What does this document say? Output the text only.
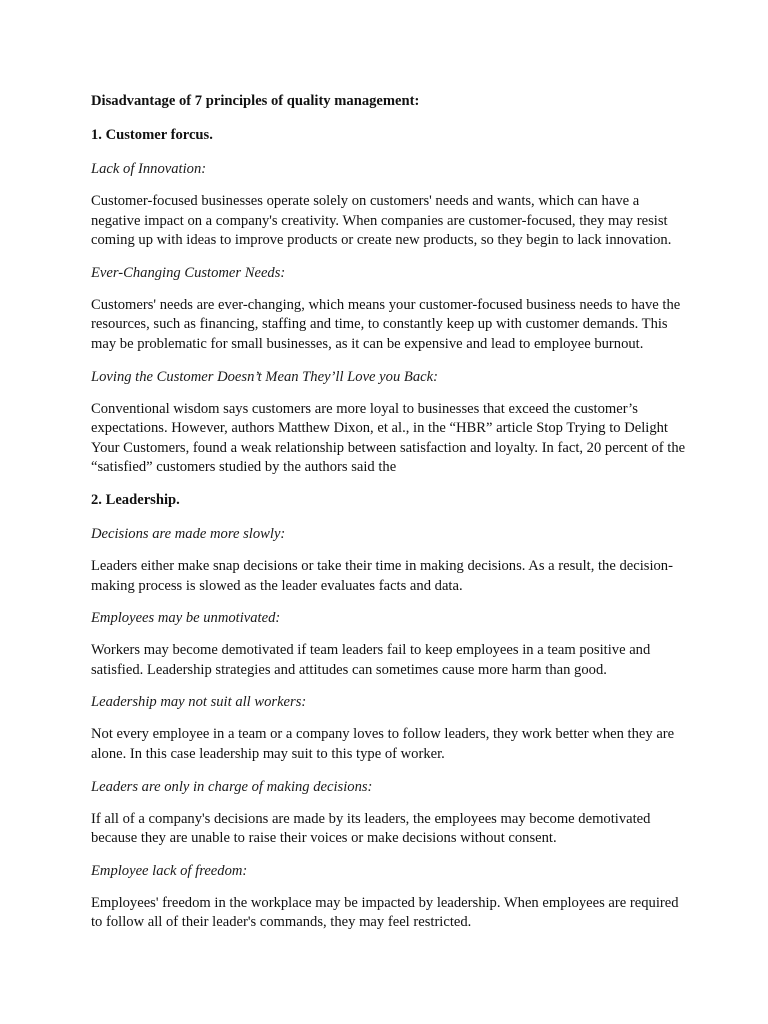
Disadvantage of 7 principles of quality management:

1. Customer forcus.

Lack of Innovation:

Customer-focused businesses operate solely on customers' needs and wants, which can have a negative impact on a company's creativity. When companies are customer-focused, they may resist coming up with ideas to improve products or create new products, so they begin to lack innovation.

Ever-Changing Customer Needs:

Customers' needs are ever-changing, which means your customer-focused business needs to have the resources, such as financing, staffing and time, to constantly keep up with customer demands. This may be problematic for small businesses, as it can be expensive and lead to employee burnout.

Loving the Customer Doesn’t Mean They’ll Love you Back:

Conventional wisdom says customers are more loyal to businesses that exceed the customer’s expectations. However, authors Matthew Dixon, et al., in the “HBR” article Stop Trying to Delight Your Customers, found a weak relationship between satisfaction and loyalty. In fact, 20 percent of the “satisfied” customers studied by the authors said the

2. Leadership.

Decisions are made more slowly:

Leaders either make snap decisions or take their time in making decisions. As a result, the decision-making process is slowed as the leader evaluates facts and data.

Employees may be unmotivated:

Workers may become demotivated if team leaders fail to keep employees in a team positive and satisfied. Leadership strategies and attitudes can sometimes cause more harm than good.

Leadership may not suit all workers:

Not every employee in a team or a company loves to follow leaders, they work better when they are alone. In this case leadership may suit to this type of worker.

Leaders are only in charge of making decisions:

If all of a company's decisions are made by its leaders, the employees may become demotivated because they are unable to raise their voices or make decisions without consent.

Employee lack of freedom:

Employees' freedom in the workplace may be impacted by leadership. When employees are required to follow all of their leader's commands, they may feel restricted.
